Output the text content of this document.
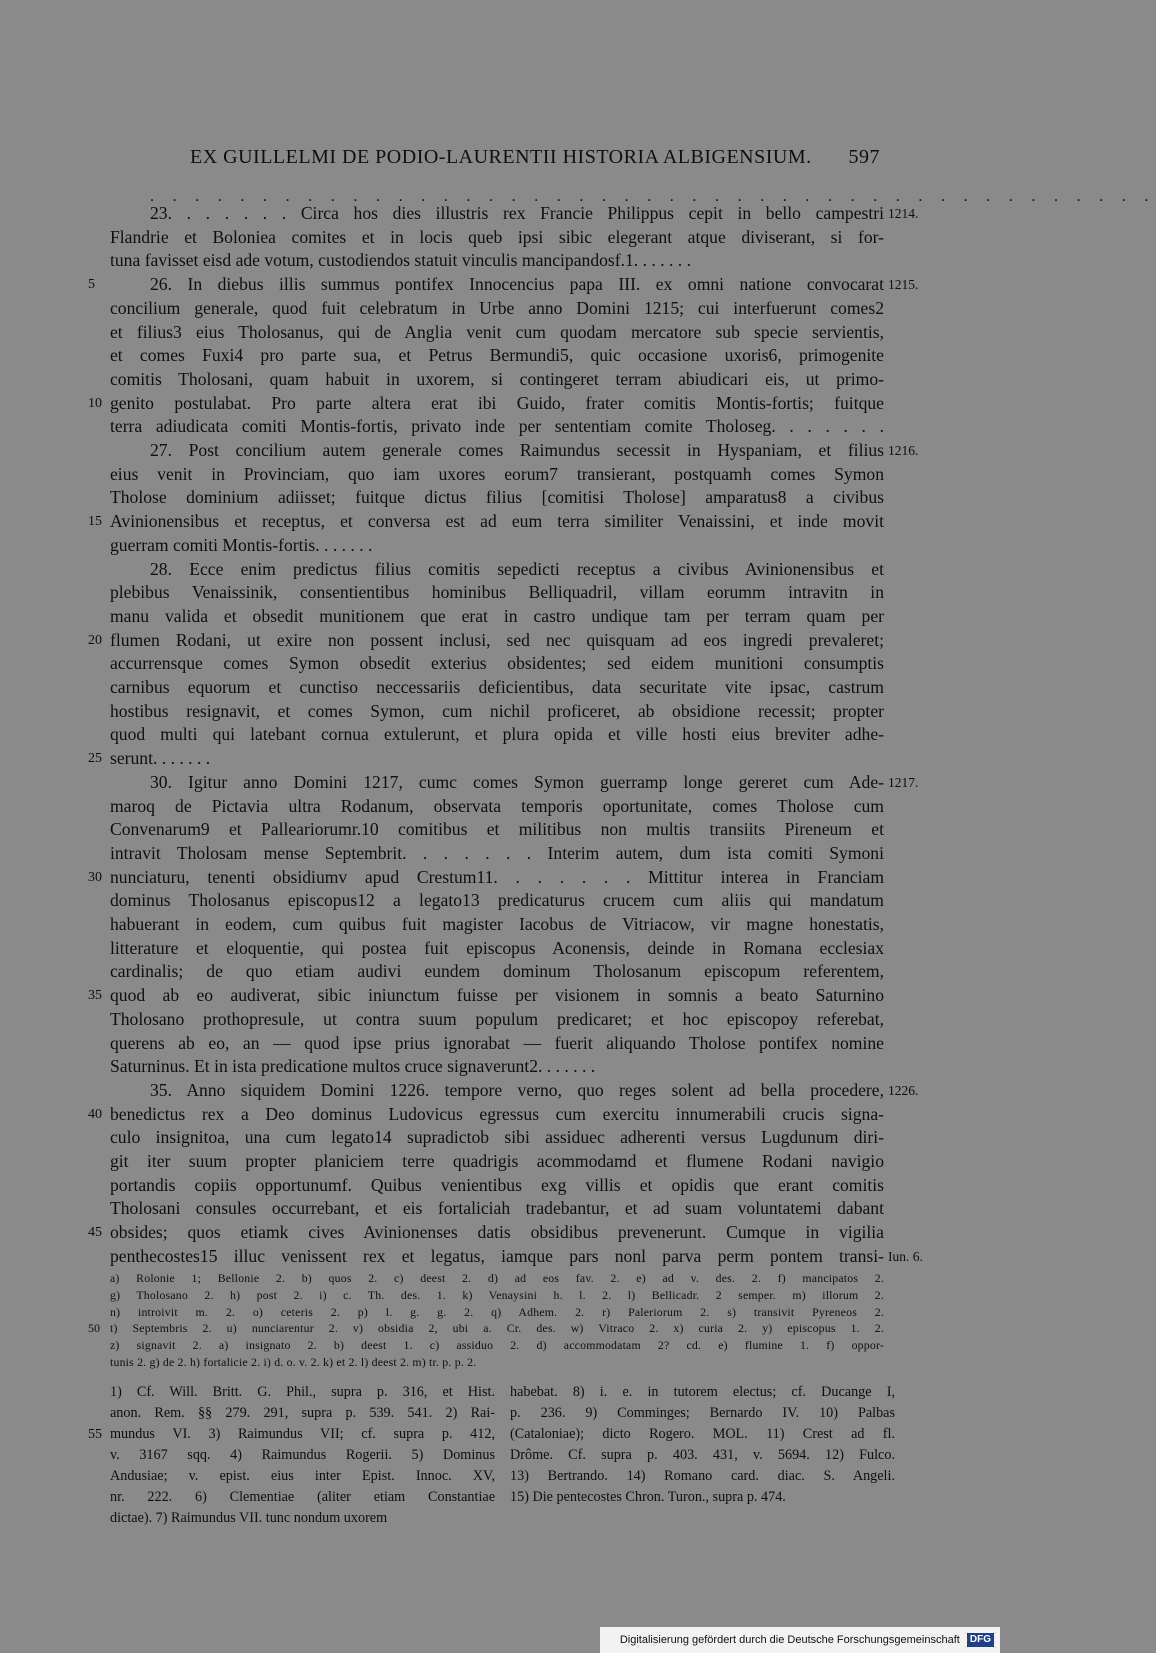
EX GUILLELMI DE PODIO-LAURENTII HISTORIA ALBIGENSIUM. 597
. . . . . . . . . . . . . . . . . . . . . . . . . . . . . . . . . . . . . . . . . . . . .
23. . . . . . . Circa hos dies illustris rex Francie Philippus cepit in bello campestri 1214.
Flandrie et Boloniea comites et in locis queb ipsi sibic elegerant atque diviserant, si for-
tuna favisset eisd ade votum, custodiendos statuit vinculis mancipandosf.1. . . . . . .
26. In diebus illis summus pontifex Innocencius papa III. ex omni natione convocarat
5	1215.
concilium generale, quod fuit celebratum in Urbe anno Domini 1215; cui interfuerunt comes2
et filius3 eius Tholosanus, qui de Anglia venit cum quodam mercatore sub specie servientis,
et comes Fuxi4 pro parte sua, et Petrus Bermundi5, quic occasione uxoris6, primogenite
comitis Tholosani, quam habuit in uxorem, si contingeret terram abiudicari eis, ut primo-
genito postulabat. Pro parte altera erat ibi Guido, frater comitis Montis-fortis; fuitque
10
terra adiudicata comiti Montis-fortis, privato inde per sententiam comite Tholoseg. . . . . . .
27. Post concilium autem generale comes Raimundus secessit in Hyspaniam, et filius 1216.
eius venit in Provinciam, quo iam uxores eorum7 transierant, postquamh comes Symon
Tholose dominium adiisset; fuitque dictus filius [comitisi Tholose] amparatus8 a civibus
Avinionensibus et receptus, et conversa est ad eum terra similiter Venaissini, et inde movit
15
guerram comiti Montis-fortis. . . . . . .
28. Ecce enim predictus filius comitis sepedicti receptus a civibus Avinionensibus et
plebibus Venaissinik, consentientibus hominibus Belliquadril, villam eorumm intravitn in
manu valida et obsedit munitionem que erat in castro undique tam per terram quam per
flumen Rodani, ut exire non possent inclusi, sed nec quisquam ad eos ingredi prevaleret;
20
accurrensque comes Symon obsedit exterius obsidentes; sed eidem munitioni consumptis
carnibus equorum et cunctiso neccessariis deficientibus, data securitate vite ipsac, castrum
hostibus resignavit, et comes Symon, cum nichil proficeret, ab obsidione recessit; propter
quod multi qui latebant cornua extulerunt, et plura opida et ville hosti eius breviter adhe-
serunt. . . . . . .
25
30. Igitur anno Domini 1217, cumc comes Symon guerramp longe gereret cum Ade- 1217.
maroq de Pictavia ultra Rodanum, observata temporis oportunitate, comes Tholose cum
Convenarum9 et Palleariorumr.10 comitibus et militibus non multis transiits Pireneum et
intravit Tholosam mense Septembrit. . . . . . . Interim autem, dum ista comiti Symoni
nunciaturu, tenenti obsidiumv apud Crestum11. . . . . . . Mittitur interea in Franciam
30
dominus Tholosanus episcopus12 a legato13 predicaturus crucem cum aliis qui mandatum
habuerant in eodem, cum quibus fuit magister Iacobus de Vitriacow, vir magne honestatis,
litterature et eloquentie, qui postea fuit episcopus Aconensis, deinde in Romana ecclesiax
cardinalis; de quo etiam audivi eundem dominum Tholosanum episcopum referentem,
quod ab eo audiverat, sibic iniunctum fuisse per visionem in somnis a beato Saturnino
35
Tholosano prothopresule, ut contra suum populum predicaret; et hoc episcopoy referebat,
querens ab eo, an — quod ipse prius ignorabat — fuerit aliquando Tholose pontifex nomine
Saturninus. Et in ista predicatione multos cruce signaverunt2. . . . . . .
35. Anno siquidem Domini 1226. tempore verno, quo reges solent ad bella procedere, 1226.
benedictus rex a Deo dominus Ludovicus egressus cum exercitu innumerabili crucis signa-
40
culo insignitoa, una cum legato14 supradictob sibi assiduec adherenti versus Lugdunum diri-
git iter suum propter planiciem terre quadrigis acommodamd et flumene Rodani navigio
portandis copiis opportunumf. Quibus venientibus exg villis et opidis que erant comitis
Tholosani consules occurrebant, et eis fortaliciah tradebantur, et ad suam voluntatemi dabant
obsides; quos etiamk cives Avinionenses datis obsidibus prevenerunt. Cumque in vigilia
45
penthecostes15 illuc venissent rex et legatus, iamque pars nonl parva perm pontem transi- Iun. 6.
a) Rolonie 1; Bellonie 2. b) quos 2. c) deest 2. d) ad eos fav. 2. e) ad v. des. 2. f) mancipatos 2.
g) Tholosano 2. h) post 2. i) c. Th. des. 1. k) Venaysini h. l. 2. l) Bellicadr. 2 semper. m) illorum 2.
n) introivit m. 2. o) ceteris 2. p) l. g. g. 2. q) Adhem. 2. r) Paleriorum 2. s) transivit Pyreneos 2.
t) Septembris 2. u) nunciarentur 2. v) obsidia 2, ubi a. Cr. des. w) Vitraco 2. x) curia 2. y) episcopus 1. 2.
50
z) signavit 2. a) insignato 2. b) deest 1. c) assiduo 2. d) accommodatam 2? cd. e) flumine 1. f) oppor-
tunis 2. g) de 2. h) fortalicie 2. i) d. o. v. 2. k) et 2. l) deest 2. m) tr. p. p. 2.
55
1) Cf. Will. Britt. G. Phil., supra p. 316, et Hist.
anon. Rem. §§ 279. 291, supra p. 539. 541. 2) Rai-
mundus VI. 3) Raimundus VII; cf. supra p. 412,
v. 3167 sqq. 4) Raimundus Rogerii. 5) Dominus
Andusiae; v. epist. eius inter Epist. Innoc. XV,
nr. 222. 6) Clementiae (aliter etiam Constantiae
dictae). 7) Raimundus VII. tunc nondum uxorem
habebat. 8) i. e. in tutorem electus; cf. Ducange I,
p. 236. 9) Comminges; Bernardo IV. 10) Palbas
(Cataloniae); dicto Rogero. MOL. 11) Crest ad fl.
Drôme. Cf. supra p. 403. 431, v. 5694. 12) Fulco.
13) Bertrando. 14) Romano card. diac. S. Angeli.
15) Die pentecostes Chron. Turon., supra p. 474.
Digitalisierung gefördert durch die Deutsche Forschungsgemeinschaft DFG
